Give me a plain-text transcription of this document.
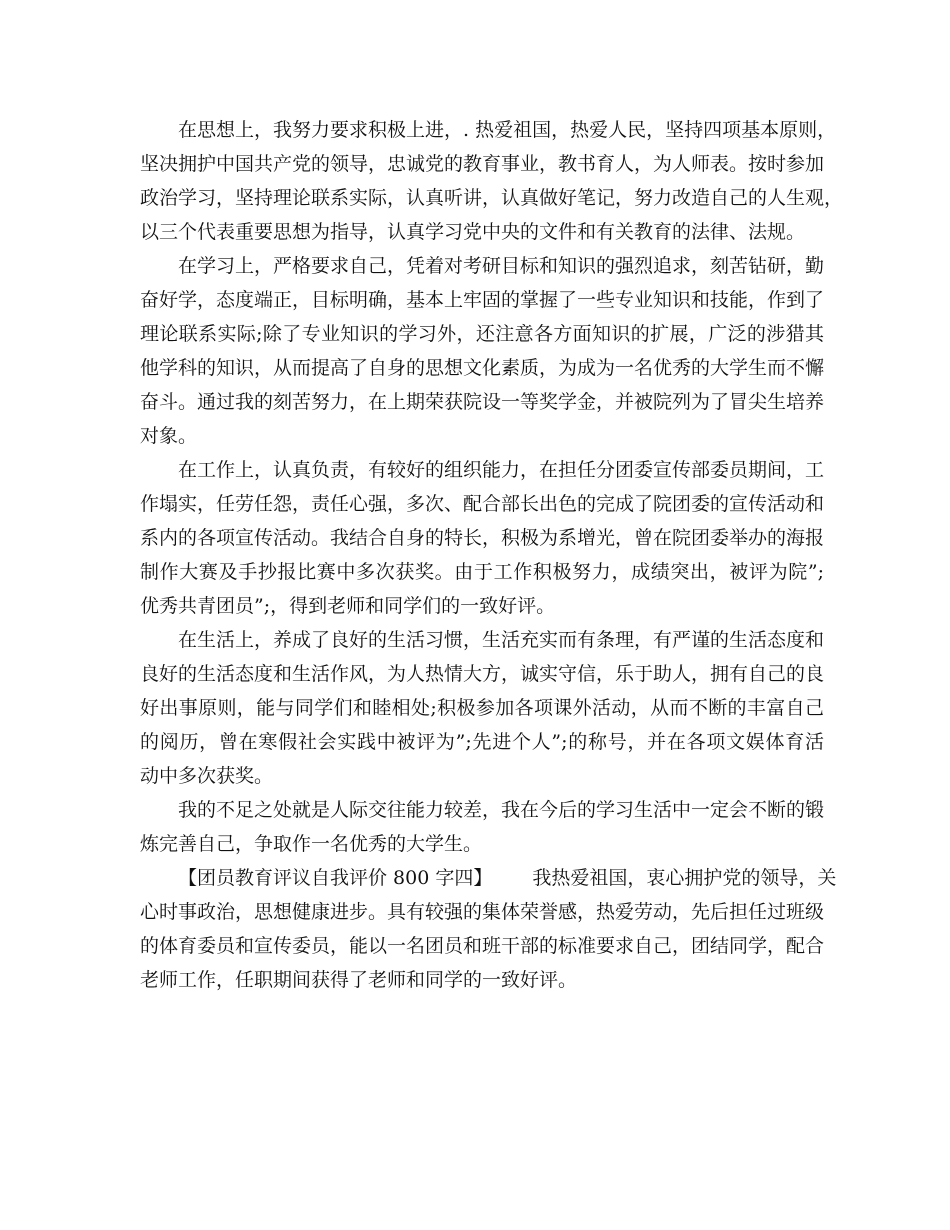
在思想上，我努力要求积极上进，. 热爱祖国，热爱人民，坚持四项基本原则，
坚决拥护中国共产党的领导，忠诚党的教育事业，教书育人，为人师表。按时参加
政治学习，坚持理论联系实际，认真听讲，认真做好笔记，努力改造自己的人生观，
以三个代表重要思想为指导，认真学习党中央的文件和有关教育的法律、法规。
在学习上，严格要求自己，凭着对考研目标和知识的强烈追求，刻苦钻研，勤
奋好学，态度端正，目标明确，基本上牢固的掌握了一些专业知识和技能，作到了
理论联系实际;除了专业知识的学习外，还注意各方面知识的扩展，广泛的涉猎其
他学科的知识，从而提高了自身的思想文化素质，为成为一名优秀的大学生而不懈
奋斗。通过我的刻苦努力，在上期荣获院设一等奖学金，并被院列为了冒尖生培养
对象。
在工作上，认真负责，有较好的组织能力，在担任分团委宣传部委员期间，工
作塌实，任劳任怨，责任心强，多次、配合部长出色的完成了院团委的宣传活动和
系内的各项宣传活动。我结合自身的特长，积极为系增光，曾在院团委举办的海报
制作大赛及手抄报比赛中多次获奖。由于工作积极努力，成绩突出，被评为院”;
优秀共青团员”;，得到老师和同学们的一致好评。
在生活上，养成了良好的生活习惯，生活充实而有条理，有严谨的生活态度和
良好的生活态度和生活作风，为人热情大方，诚实守信，乐于助人，拥有自己的良
好出事原则，能与同学们和睦相处;积极参加各项课外活动，从而不断的丰富自己
的阅历，曾在寒假社会实践中被评为”;先进个人”;的称号，并在各项文娱体育活
动中多次获奖。
我的不足之处就是人际交往能力较差，我在今后的学习生活中一定会不断的锻
炼完善自己，争取作一名优秀的大学生。
【团员教育评议自我评价 800 字四】 我热爱祖国，衷心拥护党的领导，关
心时事政治，思想健康进步。具有较强的集体荣誉感，热爱劳动，先后担任过班级
的体育委员和宣传委员，能以一名团员和班干部的标准要求自己，团结同学，配合
老师工作，任职期间获得了老师和同学的一致好评。
